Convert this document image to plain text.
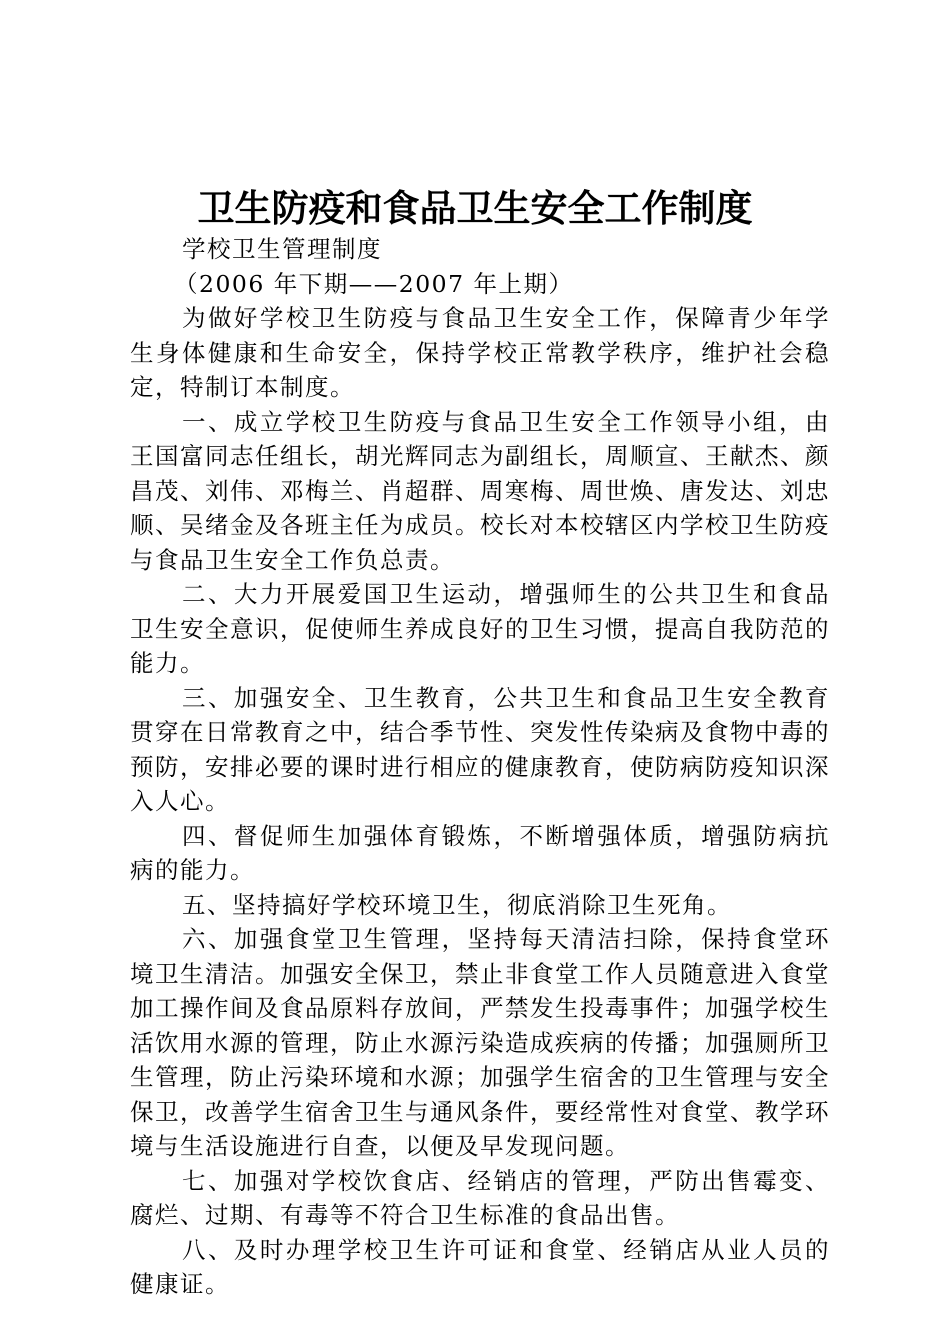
卫生防疫和食品卫生安全工作制度

学校卫生管理制度

（2006 年下期——2007 年上期）

为做好学校卫生防疫与食品卫生安全工作，保障青少年学生身体健康和生命安全，保持学校正常教学秩序，维护社会稳定，特制订本制度。

一、成立学校卫生防疫与食品卫生安全工作领导小组，由王国富同志任组长，胡光辉同志为副组长，周顺宣、王献杰、颜昌茂、刘伟、邓梅兰、肖超群、周寒梅、周世焕、唐发达、刘忠顺、吴绪金及各班主任为成员。校长对本校辖区内学校卫生防疫与食品卫生安全工作负总责。

二、大力开展爱国卫生运动，增强师生的公共卫生和食品卫生安全意识，促使师生养成良好的卫生习惯，提高自我防范的能力。

三、加强安全、卫生教育，公共卫生和食品卫生安全教育贯穿在日常教育之中，结合季节性、突发性传染病及食物中毒的预防，安排必要的课时进行相应的健康教育，使防病防疫知识深入人心。

四、督促师生加强体育锻炼，不断增强体质，增强防病抗病的能力。

五、坚持搞好学校环境卫生，彻底消除卫生死角。

六、加强食堂卫生管理，坚持每天清洁扫除，保持食堂环境卫生清洁。加强安全保卫，禁止非食堂工作人员随意进入食堂加工操作间及食品原料存放间，严禁发生投毒事件；加强学校生活饮用水源的管理，防止水源污染造成疾病的传播；加强厕所卫生管理，防止污染环境和水源；加强学生宿舍的卫生管理与安全保卫，改善学生宿舍卫生与通风条件，要经常性对食堂、教学环境与生活设施进行自查，以便及早发现问题。

七、加强对学校饮食店、经销店的管理，严防出售霉变、腐烂、过期、有毒等不符合卫生标准的食品出售。

八、及时办理学校卫生许可证和食堂、经销店从业人员的健康证。
